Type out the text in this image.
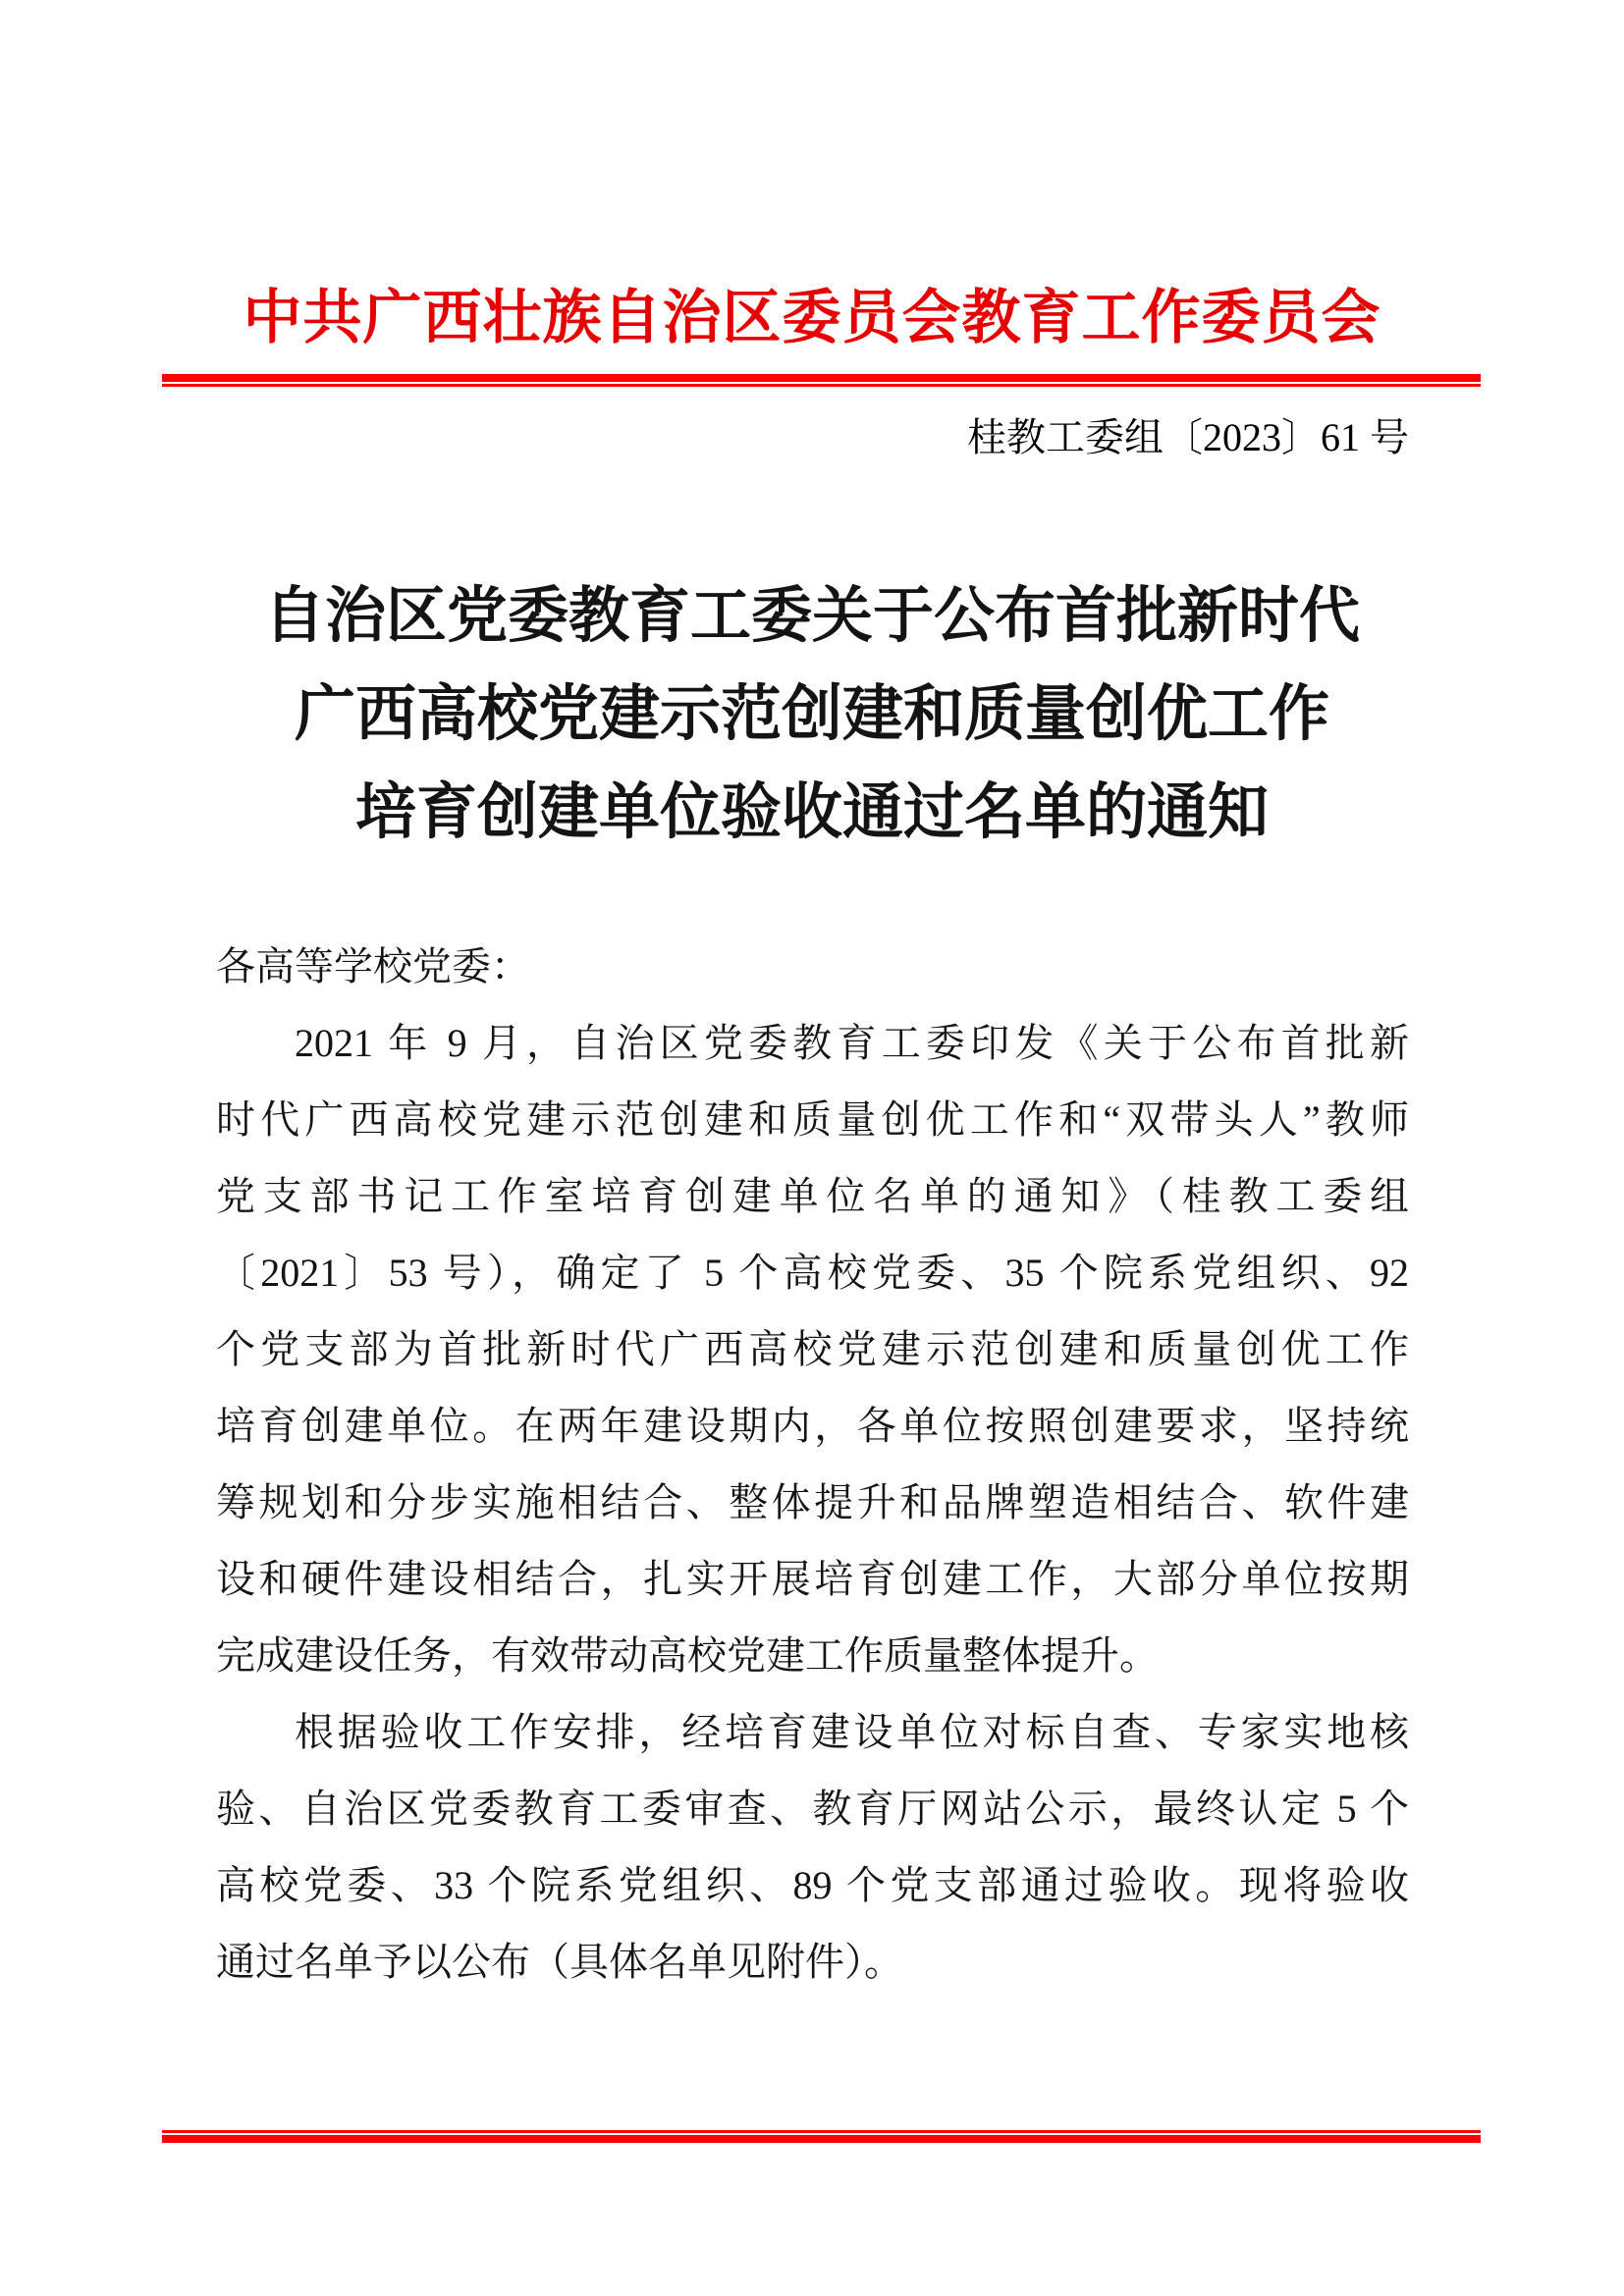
中共广西壮族自治区委员会教育工作委员会
桂教工委组〔2023〕61 号
自治区党委教育工委关于公布首批新时代
广西高校党建示范创建和质量创优工作
培育创建单位验收通过名单的通知
各高等学校党委：
2021 年 9 月，自治区党委教育工委印发《关于公布首批新
时代广西高校党建示范创建和质量创优工作和“双带头人”教师
党支部书记工作室培育创建单位名单的通知》（桂教工委组
〔2021〕53 号），确定了 5 个高校党委、35 个院系党组织、92
个党支部为首批新时代广西高校党建示范创建和质量创优工作
培育创建单位。在两年建设期内，各单位按照创建要求，坚持统
筹规划和分步实施相结合、整体提升和品牌塑造相结合、软件建
设和硬件建设相结合，扎实开展培育创建工作，大部分单位按期
完成建设任务，有效带动高校党建工作质量整体提升。
根据验收工作安排，经培育建设单位对标自查、专家实地核
验、自治区党委教育工委审查、教育厅网站公示，最终认定 5 个
高校党委、33 个院系党组织、89 个党支部通过验收。现将验收
通过名单予以公布（具体名单见附件）。
